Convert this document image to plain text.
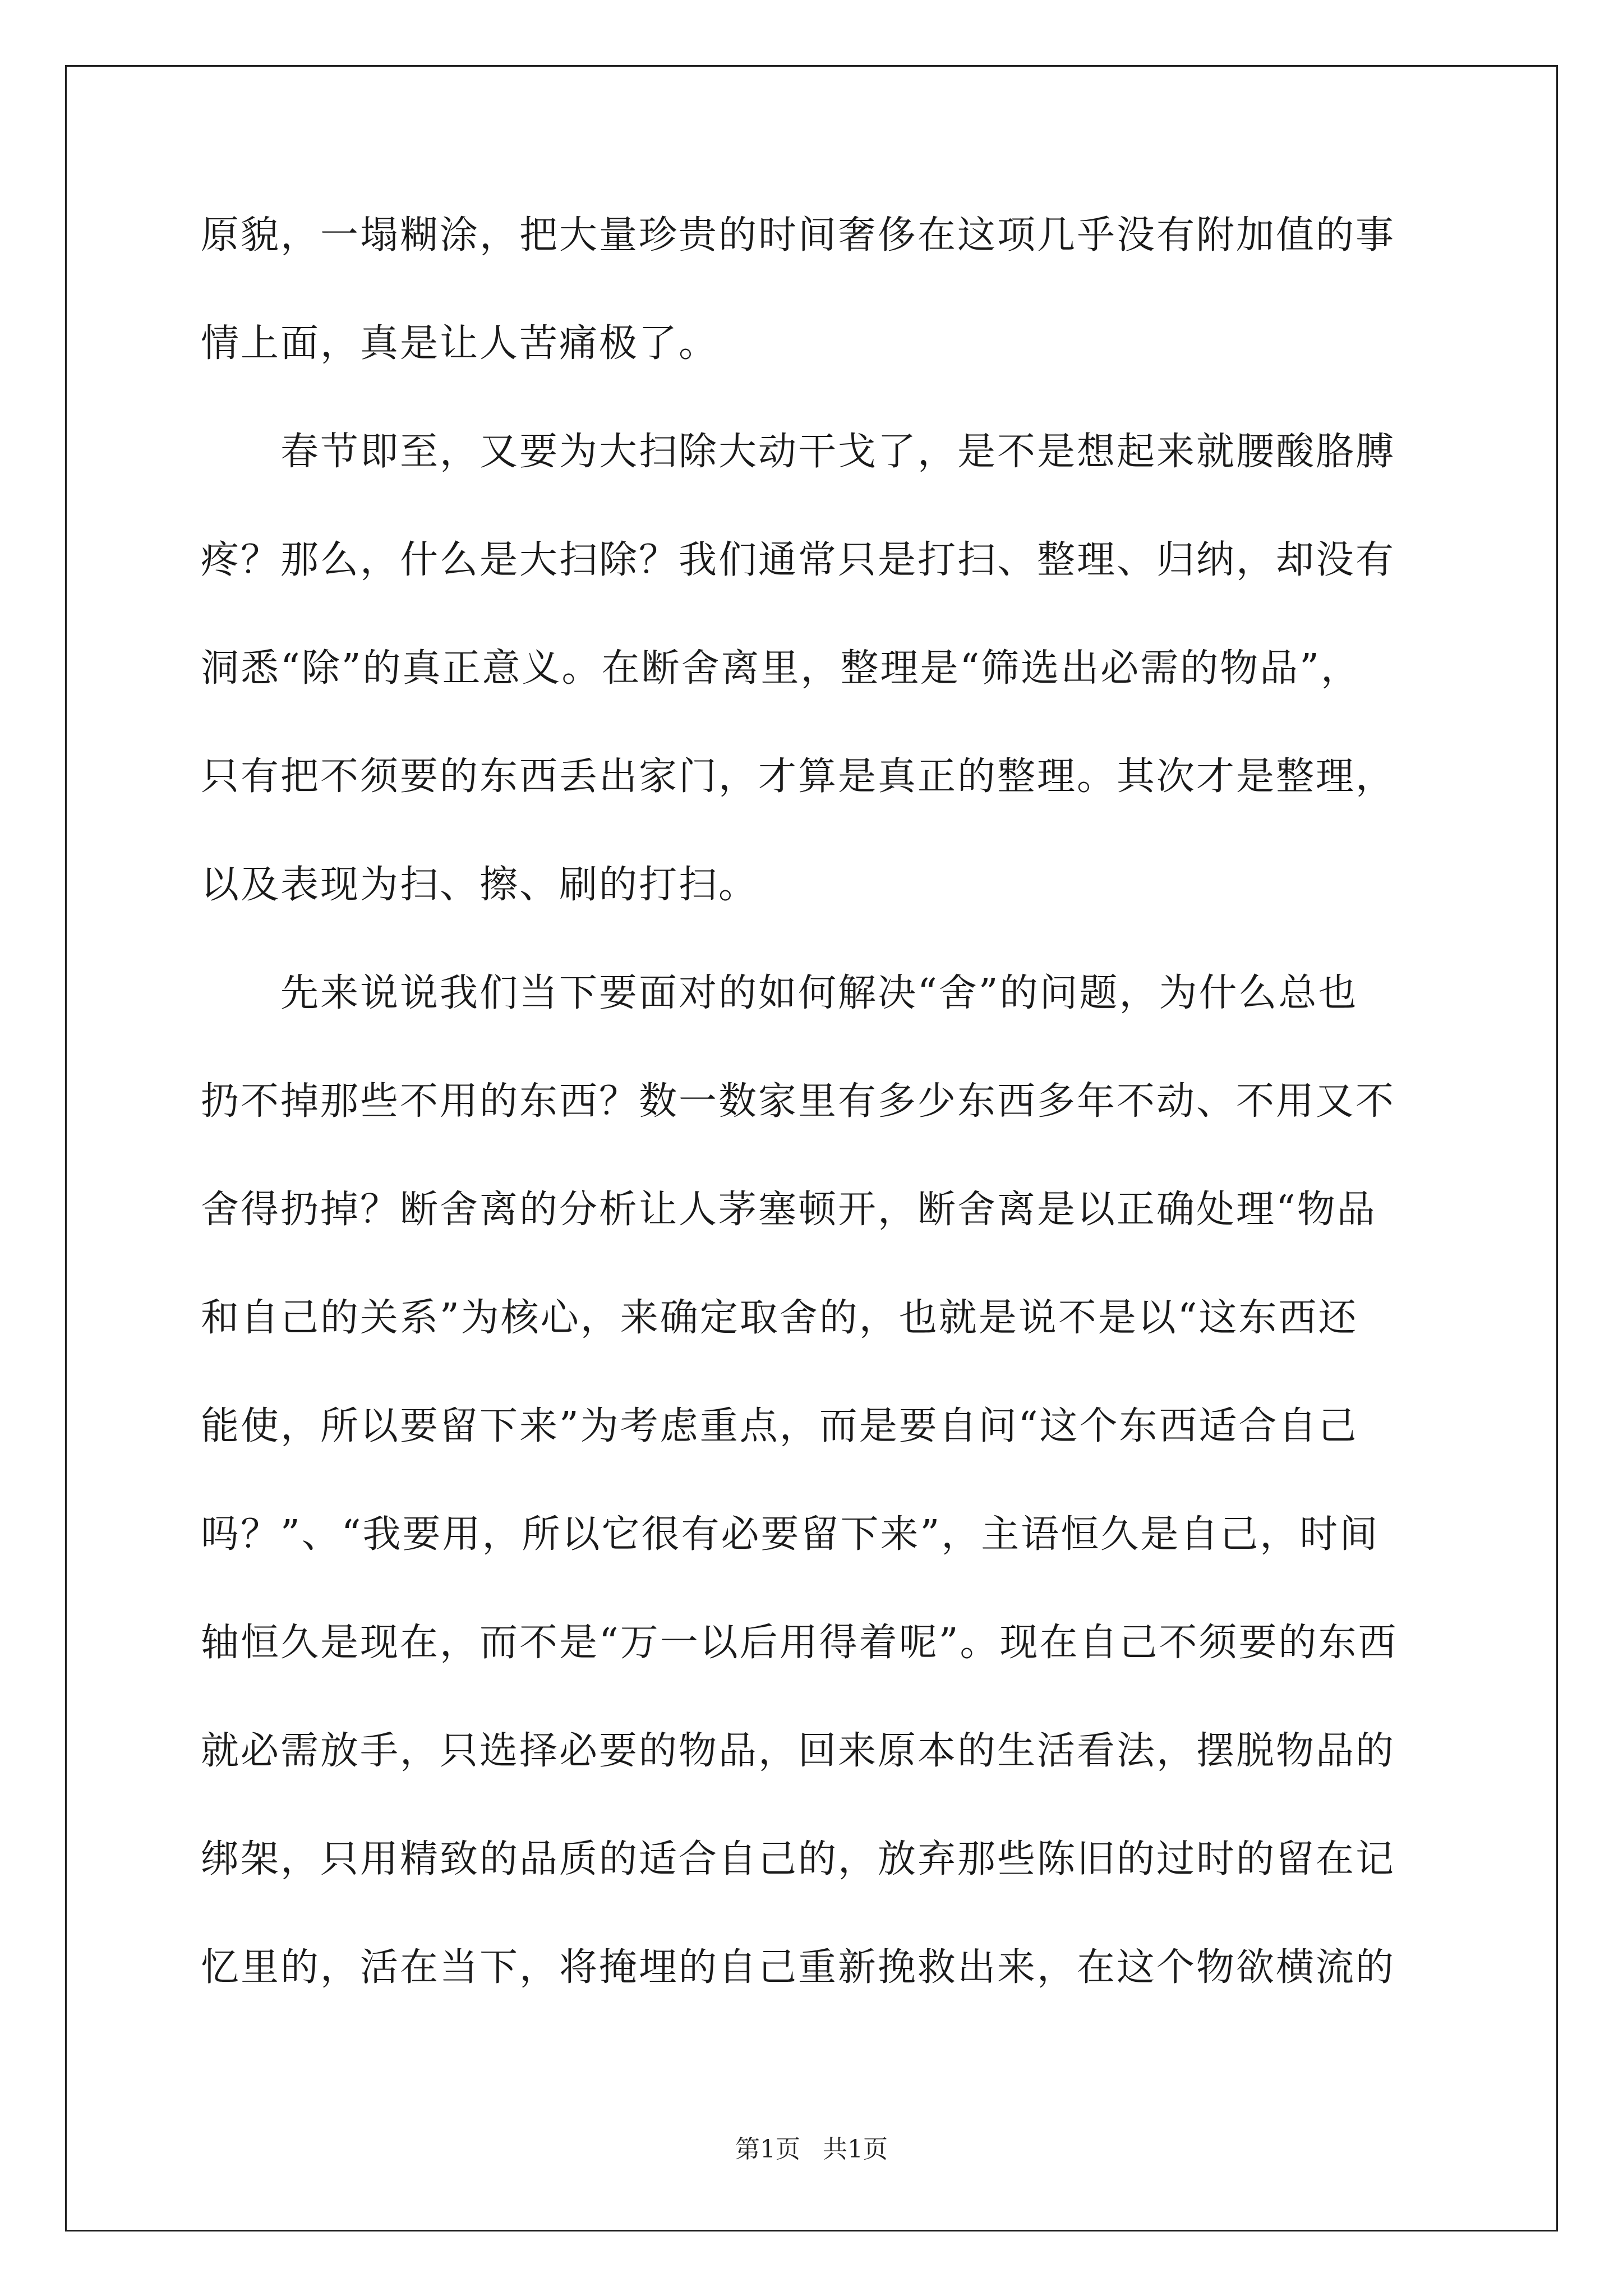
原貌，一塌糊涂，把大量珍贵的时间奢侈在这项几乎没有附加值的事
情上面，真是让人苦痛极了。
　　春节即至，又要为大扫除大动干戈了，是不是想起来就腰酸胳膊
疼？那么，什么是大扫除？我们通常只是打扫、整理、归纳，却没有
洞悉“除”的真正意义。在断舍离里，整理是“筛选出必需的物品”，
只有把不须要的东西丢出家门，才算是真正的整理。其次才是整理，
以及表现为扫、擦、刷的打扫。
　　先来说说我们当下要面对的如何解决“舍”的问题，为什么总也
扔不掉那些不用的东西？数一数家里有多少东西多年不动、不用又不
舍得扔掉？断舍离的分析让人茅塞顿开，断舍离是以正确处理“物品
和自己的关系”为核心，来确定取舍的，也就是说不是以“这东西还
能使，所以要留下来”为考虑重点，而是要自问“这个东西适合自己
吗？”、“我要用，所以它很有必要留下来”，主语恒久是自己，时间
轴恒久是现在，而不是“万一以后用得着呢”。现在自己不须要的东西
就必需放手，只选择必要的物品，回来原本的生活看法，摆脱物品的
绑架，只用精致的品质的适合自己的，放弃那些陈旧的过时的留在记
忆里的，活在当下，将掩埋的自己重新挽救出来，在这个物欲横流的
第1页 共1页
